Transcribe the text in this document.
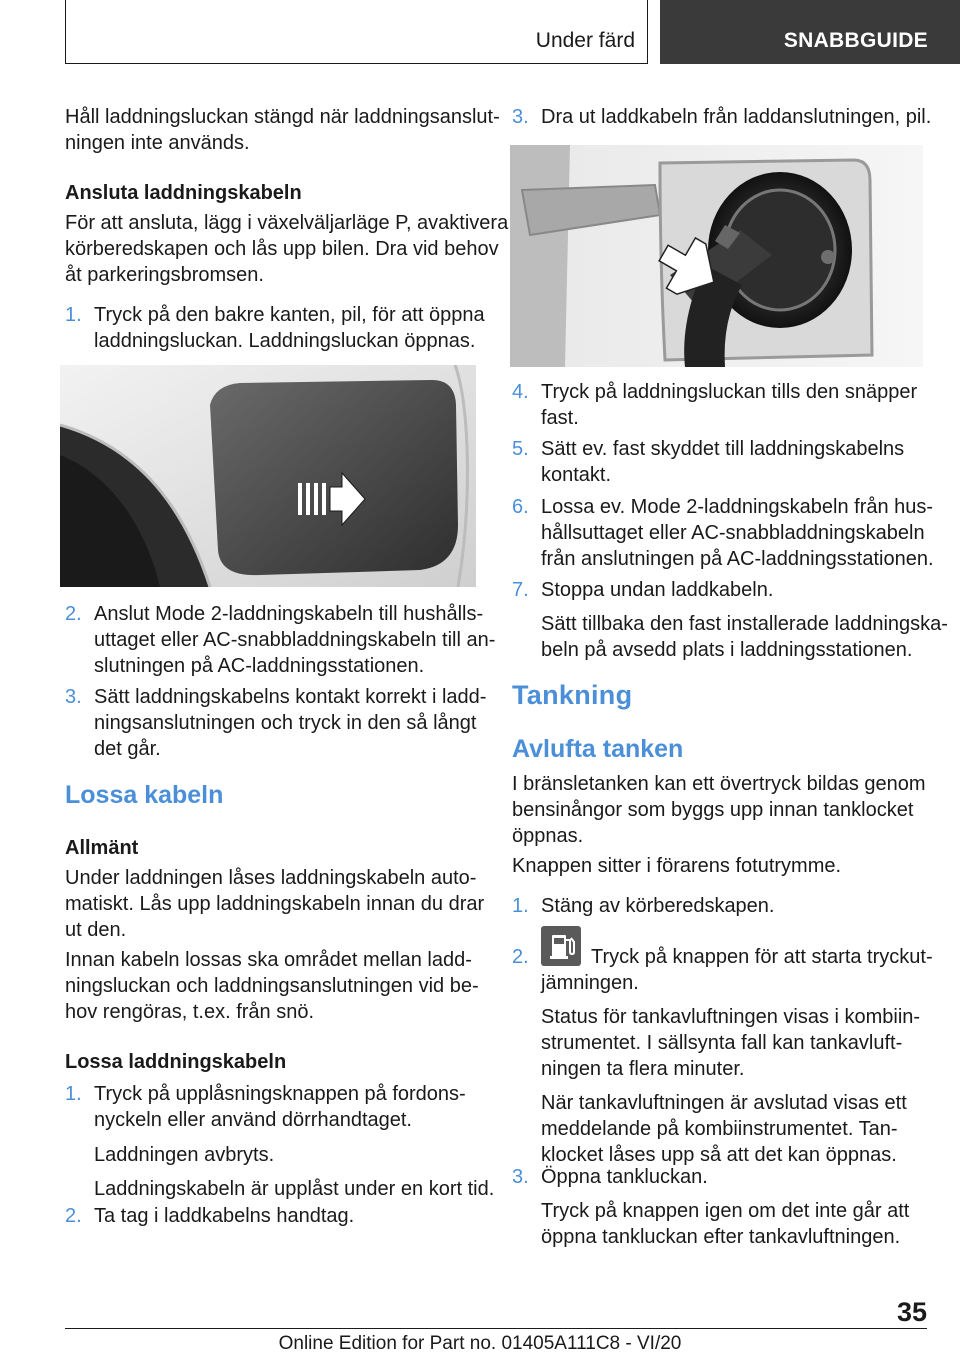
Under färd	SNABBGUIDE

Håll laddningsluckan stängd när laddningsanslut-

ningen inte används.

Ansluta laddningskabeln

För att ansluta, lägg i växelväljarläge P, avaktivera

körberedskapen och lås upp bilen. Dra vid behov

åt parkeringsbromsen.

1. Tryck på den bakre kanten, pil, för att öppna
laddningsluckan. Laddningsluckan öppnas.
2. Anslut Mode 2-laddningskabeln till hushålls-
uttaget eller AC-snabbladdningskabeln till an-
slutningen på AC-laddningsstationen.
3. Sätt laddningskabelns kontakt korrekt i ladd-
ningsanslutningen och tryck in den så långt
det går.

Lossa kabeln

Allmänt

Under laddningen låses laddningskabeln auto-

matiskt. Lås upp laddningskabeln innan du drar

ut den.

Innan kabeln lossas ska området mellan ladd-

ningsluckan och laddningsanslutningen vid be-

hov rengöras, t.ex. från snö.

Lossa laddningskabeln

1. Tryck på upplåsningsknappen på fordons-
nyckeln eller använd dörrhandtaget.
Laddningen avbryts.
Laddningskabeln är upplåst under en kort tid.
2. Ta tag i laddkabelns handtag.
3. Dra ut laddkabeln från laddanslutningen, pil.
4. Tryck på laddningsluckan tills den snäpper
fast.
5. Sätt ev. fast skyddet till laddningskabelns
kontakt.
6. Lossa ev. Mode 2-laddningskabeln från hus-
hållsuttaget eller AC-snabbladdningskabeln
från anslutningen på AC-laddningsstationen.
7. Stoppa undan laddkabeln.
Sätt tillbaka den fast installerade laddningska-
beln på avsedd plats i laddningsstationen.

Tankning

Avlufta tanken

I bränsletanken kan ett övertryck bildas genom

bensinångor som byggs upp innan tanklocket

öppnas.

Knappen sitter i förarens fotutrymme.

1. Stäng av körberedskapen.
2.	Tryck på knappen för att starta tryckut-
jämningen.
Status för tankavluftningen visas i kombiin-
strumentet. I sällsynta fall kan tankavluft-
ningen ta flera minuter.
När tankavluftningen är avslutad visas ett
meddelande på kombiinstrumentet. Tan-
klocket låses upp så att det kan öppnas.
3. Öppna tankluckan.
Tryck på knappen igen om det inte går att
öppna tankluckan efter tankavluftningen.
35
Online Edition for Part no. 01405A111C8 - VI/20
